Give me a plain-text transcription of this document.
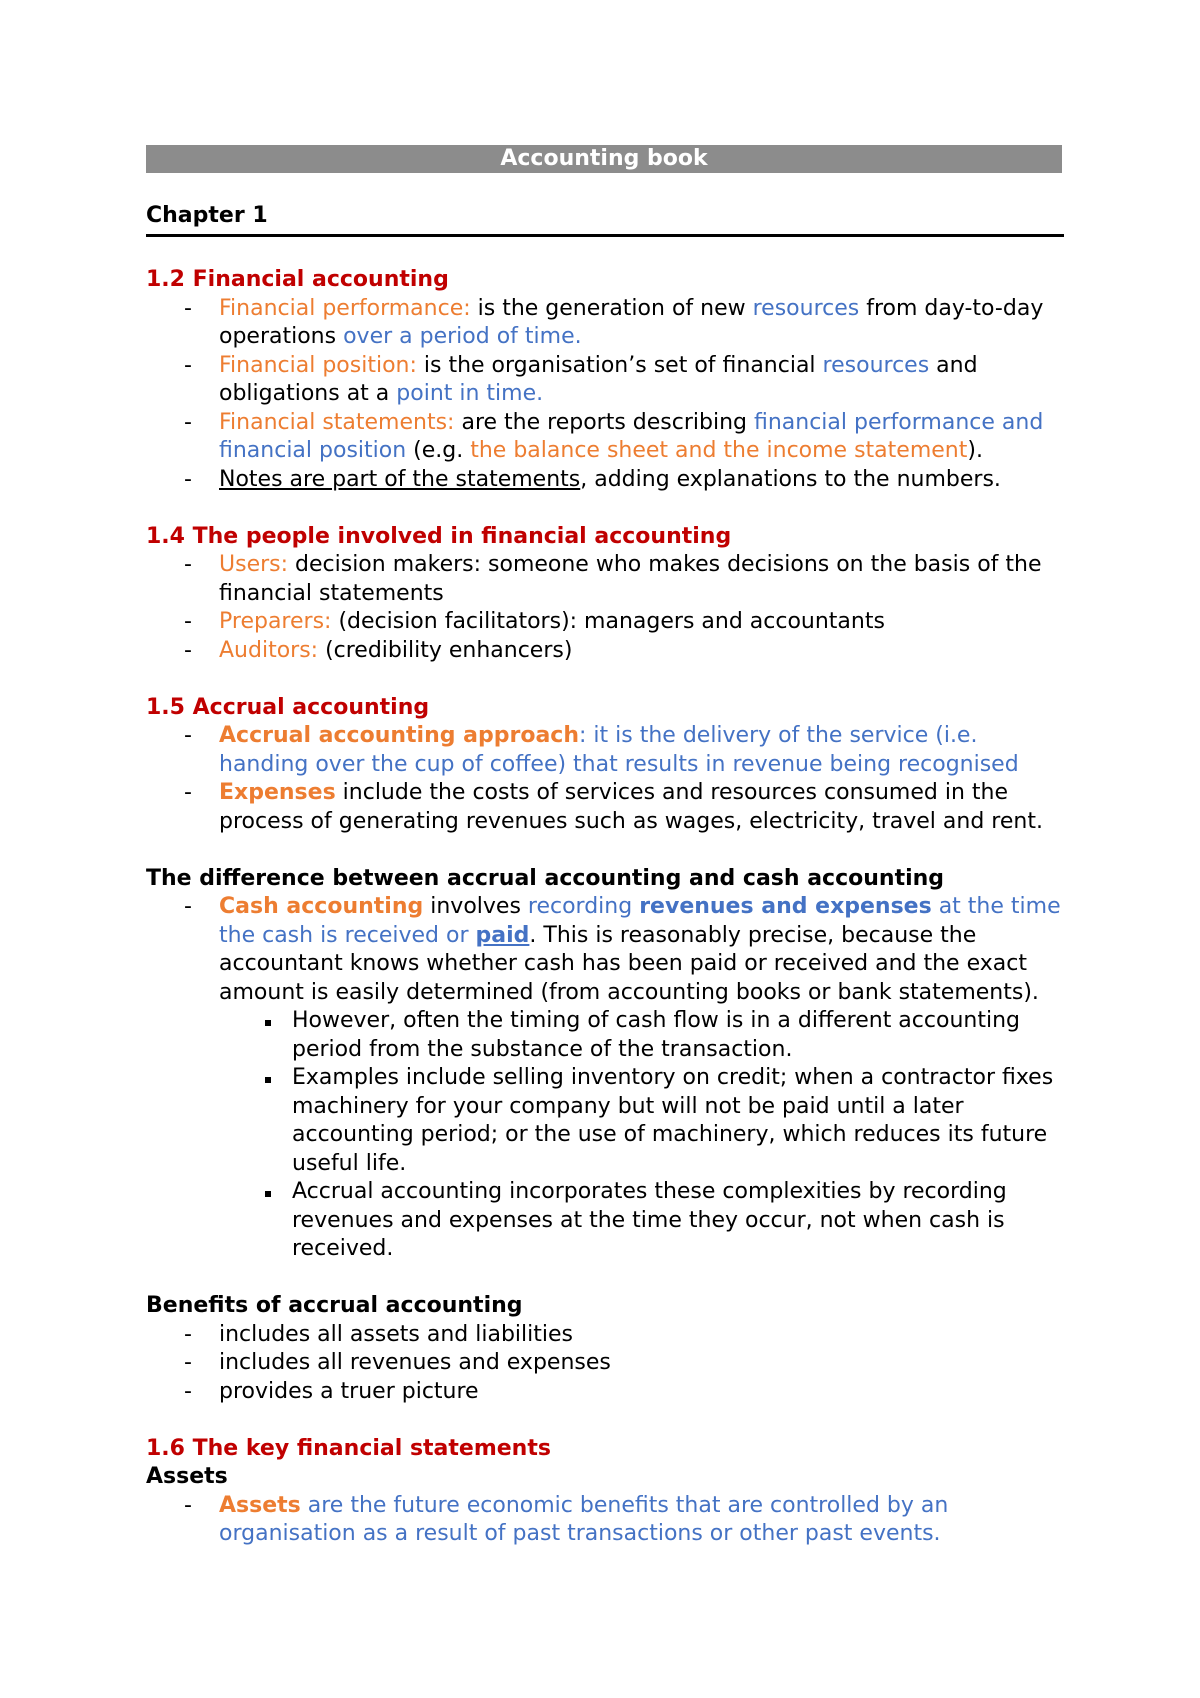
Accounting book
Chapter 1
1.2 Financial accounting
- Financial performance: is the generation of new resources from day-to-day operations over a period of time.
- Financial position: is the organisation’s set of financial resources and obligations at a point in time.
- Financial statements: are the reports describing financial performance and financial position (e.g. the balance sheet and the income statement).
- Notes are part of the statements, adding explanations to the numbers.
1.4 The people involved in financial accounting
- Users: decision makers: someone who makes decisions on the basis of the financial statements
- Preparers: (decision facilitators): managers and accountants
- Auditors: (credibility enhancers)
1.5 Accrual accounting
- Accrual accounting approach: it is the delivery of the service (i.e. handing over the cup of coffee) that results in revenue being recognised
- Expenses include the costs of services and resources consumed in the process of generating revenues such as wages, electricity, travel and rent.
The difference between accrual accounting and cash accounting
- Cash accounting involves recording revenues and expenses at the time the cash is received or paid. This is reasonably precise, because the accountant knows whether cash has been paid or received and the exact amount is easily determined (from accounting books or bank statements).
However, often the timing of cash flow is in a different accounting period from the substance of the transaction.
Examples include selling inventory on credit; when a contractor fixes machinery for your company but will not be paid until a later accounting period; or the use of machinery, which reduces its future useful life.
Accrual accounting incorporates these complexities by recording revenues and expenses at the time they occur, not when cash is received.
Benefits of accrual accounting
- includes all assets and liabilities
- includes all revenues and expenses
- provides a truer picture
1.6 The key financial statements
Assets
- Assets are the future economic benefits that are controlled by an organisation as a result of past transactions or other past events.
